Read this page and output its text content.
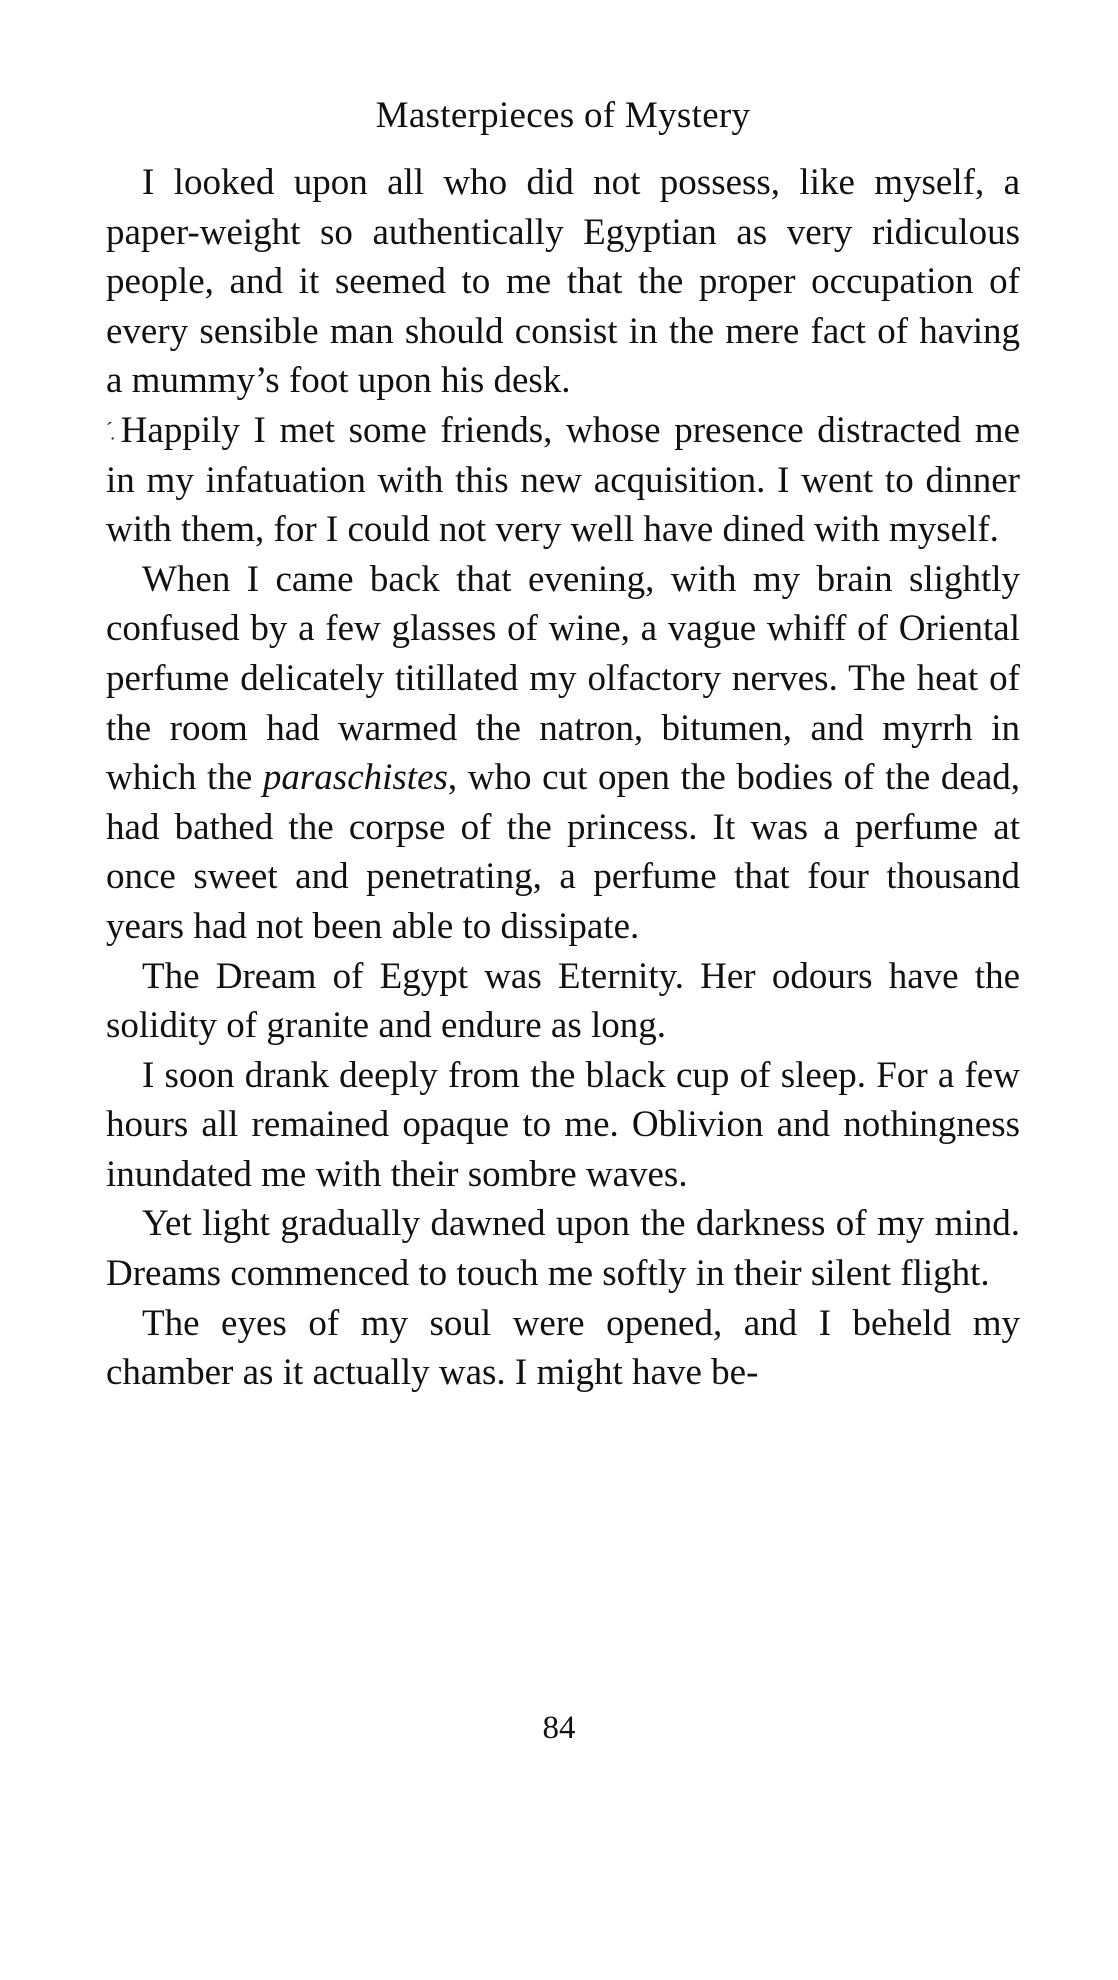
Masterpieces of Mystery

I looked upon all who did not possess, like myself, a paper-weight so authentically Egyptian as very ridiculous people, and it seemed to me that the proper occupation of every sensible man should consist in the mere fact of having a mummy’s foot upon his desk.

´̣ Happily I met some friends, whose presence distracted me in my infatuation with this new acquisition. I went to dinner with them, for I could not very well have dined with myself.

When I came back that evening, with my brain slightly confused by a few glasses of wine, a vague whiff of Oriental perfume delicately titillated my olfactory nerves. The heat of the room had warmed the natron, bitumen, and myrrh in which the paraschistes, who cut open the bodies of the dead, had bathed the corpse of the princess. It was a perfume at once sweet and penetrating, a perfume that four thousand years had not been able to dissipate.

The Dream of Egypt was Eternity. Her odours have the solidity of granite and endure as long.

I soon drank deeply from the black cup of sleep. For a few hours all remained opaque to me. Oblivion and nothingness inundated me with their sombre waves.

Yet light gradually dawned upon the darkness of my mind. Dreams commenced to touch me softly in their silent flight.

The eyes of my soul were opened, and I beheld my chamber as it actually was. I might have be‐

84
